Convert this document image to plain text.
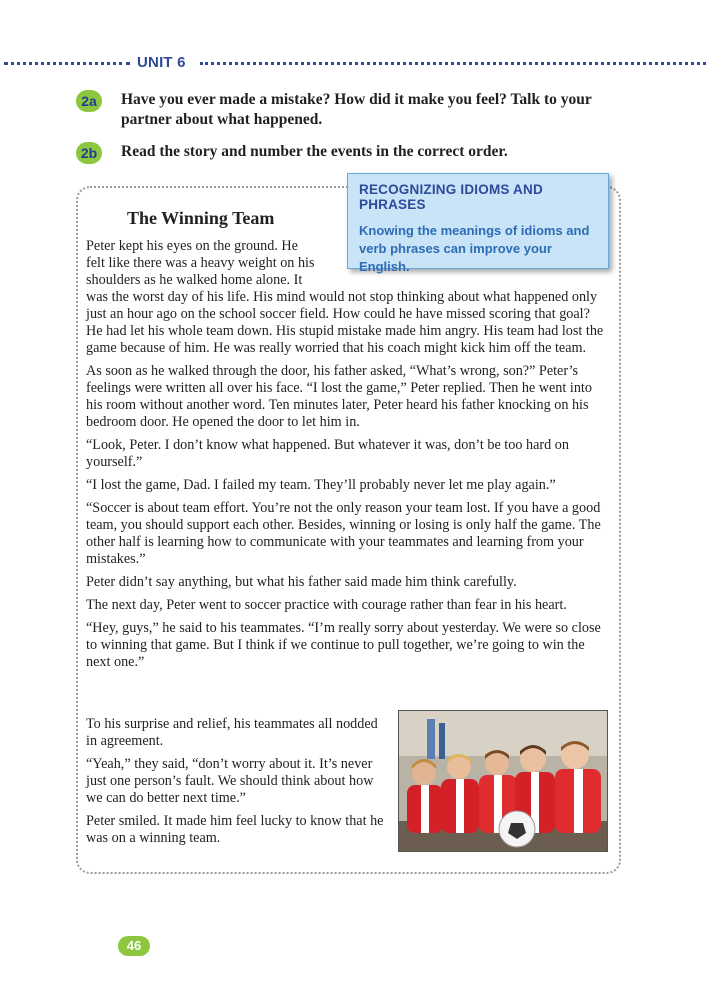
UNIT 6
2a	Have you ever made a mistake? How did it make you feel? Talk to your partner about what happened.
2b	Read the story and number the events in the correct order.
RECOGNIZING IDIOMS AND PHRASES
Knowing the meanings of idioms and verb phrases can improve your English.
The Winning Team
Peter kept his eyes on the ground. He
felt like there was a heavy weight on his
shoulders as he walked home alone. It

was the worst day of his life. His mind would not stop thinking about what happened only just an hour ago on the school soccer field. How could he have missed scoring that goal? He had let his whole team down. His stupid mistake made him angry. His team had lost the game because of him. He was really worried that his coach might kick him off the team.

As soon as he walked through the door, his father asked, “What’s wrong, son?” Peter’s feelings were written all over his face. “I lost the game,” Peter replied. Then he went into his room without another word. Ten minutes later, Peter heard his father knocking on his bedroom door. He opened the door to let him in.

“Look, Peter. I don’t know what happened. But whatever it was, don’t be too hard on yourself.”

“I lost the game, Dad. I failed my team. They’ll probably never let me play again.”

“Soccer is about team effort. You’re not the only reason your team lost. If you have a good team, you should support each other. Besides, winning or losing is only half the game. The other half is learning how to communicate with your teammates and learning from your mistakes.”

Peter didn’t say anything, but what his father said made him think carefully.

The next day, Peter went to soccer practice with courage rather than fear in his heart.

“Hey, guys,” he said to his teammates. “I’m really sorry about yesterday. We were so close to winning that game. But I think if we continue to pull together, we’re going to win the next one.”

To his surprise and relief, his teammates all nodded in agreement.

“Yeah,” they said, “don’t worry about it. It’s never just one person’s fault. We should think about how we can do better next time.”

Peter smiled. It made him feel lucky to know that he was on a winning team.

46
